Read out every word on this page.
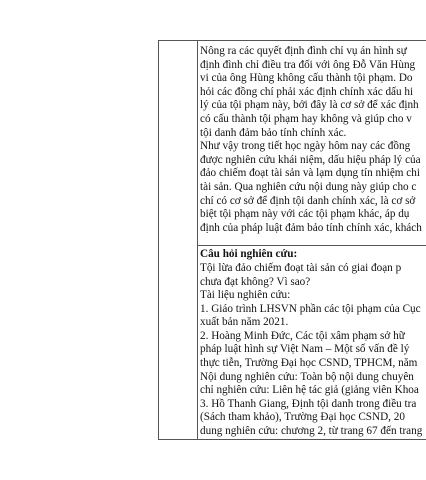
Nông ra các quyết định đình chỉ vụ án hình sự
định đình chỉ điều tra đối với ông Đỗ Văn Hùng
vi của ông Hùng không cấu thành tội phạm. Do
hỏi các đồng chí phải xác định chính xác dấu hi
lý của tội phạm này, bởi đây là cơ sở để xác định
có cấu thành tội phạm hay không và giúp cho v
tội danh đảm bảo tính chính xác.
Như vậy trong tiết học ngày hôm nay các đồng
được nghiên cứu khái niệm, dấu hiệu pháp lý của
đảo chiếm đoạt tài sản và lạm dụng tín nhiệm chi
tài sản. Qua nghiên cứu nội dung này giúp cho c
chí có cơ sở để định tội danh chính xác, là cơ sở
biệt tội phạm này với các tội phạm khác, áp dụ
định của pháp luật đảm bảo tính chính xác, khách
Câu hỏi nghiên cứu:
Tội lừa đảo chiếm đoạt tài sản có giai đoạn p
chưa đạt không? Vì sao?
Tài liệu nghiên cứu:
1. Giáo trình LHSVN phần các tội phạm của Cục
xuất bản năm 2021.
2. Hoàng Minh Đức, Các tội xâm phạm sở hữ
pháp luật hình sự Việt Nam – Một số vấn đề lý
thực tiễn, Trường Đại học CSND, TPHCM, năm
Nội dung nghiên cứu: Toàn bộ nội dung chuyên
chỉ nghiên cứu: Liên hệ tác giả (giảng viên Khoa
3. Hồ Thanh Giang, Định tội danh trong điều tra
(Sách tham khảo), Trường Đại học CSND, 20
dung nghiên cứu: chương 2, từ trang 67 đến trang
